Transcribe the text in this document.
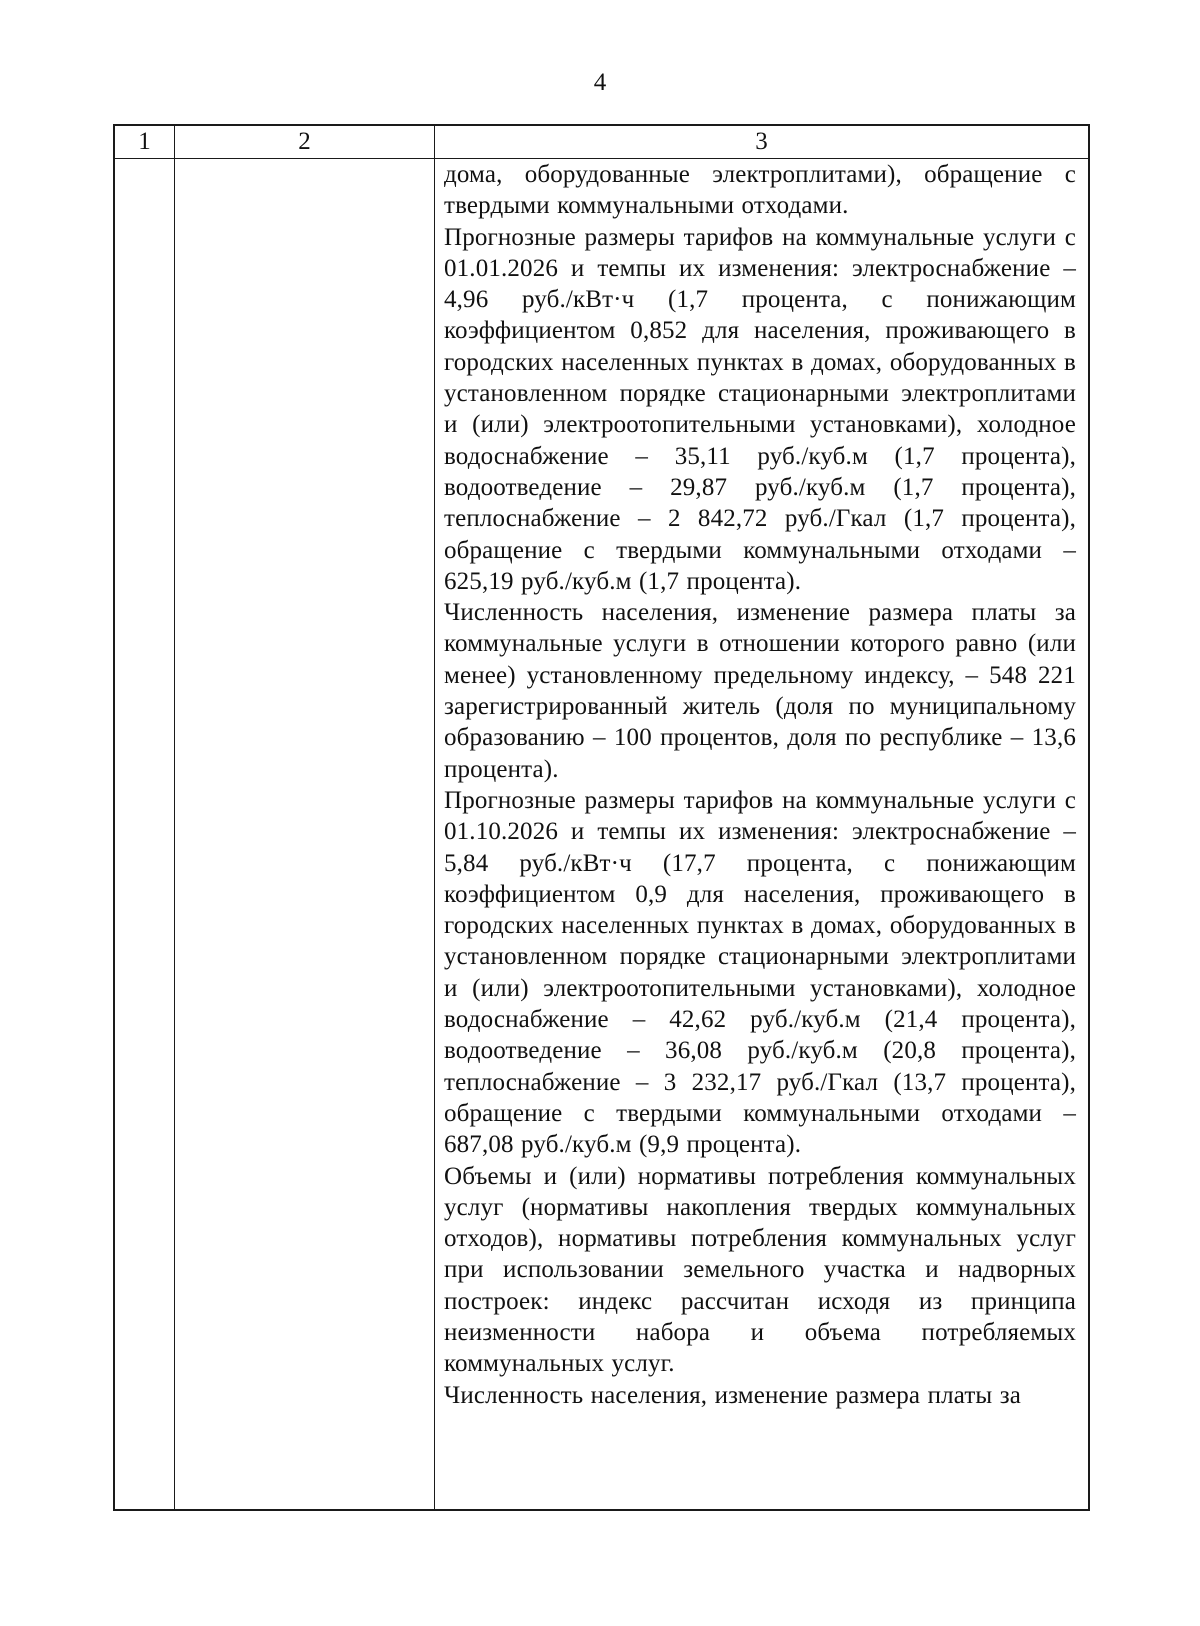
4
1	2	3

дома, оборудованные электроплитами), обращение с твердыми коммунальными отходами.

Прогнозные размеры тарифов на коммунальные услуги с 01.01.2026 и темпы их изменения: электроснабжение – 4,96 руб./кВт·ч (1,7 процента, с понижающим коэффициентом 0,852 для населения, проживающего в городских населенных пунктах в домах, оборудованных в установленном порядке стационарными электроплитами и (или) электроотопительными установками), холодное водоснабжение – 35,11 руб./куб.м (1,7 процента), водоотведение – 29,87 руб./куб.м (1,7 процента), теплоснабжение – 2 842,72 руб./Гкал (1,7 процента), обращение с твердыми коммунальными отходами – 625,19 руб./куб.м (1,7 процента).

Численность населения, изменение размера платы за коммунальные услуги в отношении которого равно (или менее) установленному предельному индексу, – 548 221 зарегистрированный житель (доля по муниципальному образованию – 100 процентов, доля по республике – 13,6 процента).

Прогнозные размеры тарифов на коммунальные услуги с 01.10.2026 и темпы их изменения: электроснабжение – 5,84 руб./кВт·ч (17,7 процента, с понижающим коэффициентом 0,9 для населения, проживающего в городских населенных пунктах в домах, оборудованных в установленном порядке стационарными электроплитами и (или) электроотопительными установками), холодное водоснабжение – 42,62 руб./куб.м (21,4 процента), водоотведение – 36,08 руб./куб.м (20,8 процента), теплоснабжение – 3 232,17 руб./Гкал (13,7 процента), обращение с твердыми коммунальными отходами – 687,08 руб./куб.м (9,9 процента).

Объемы и (или) нормативы потребления коммунальных услуг (нормативы накопления твердых коммунальных отходов), нормативы потребления коммунальных услуг при использовании земельного участка и надворных построек: индекс рассчитан исходя из принципа неизменности набора и объема потребляемых коммунальных услуг.

Численность населения, изменение размера платы за
